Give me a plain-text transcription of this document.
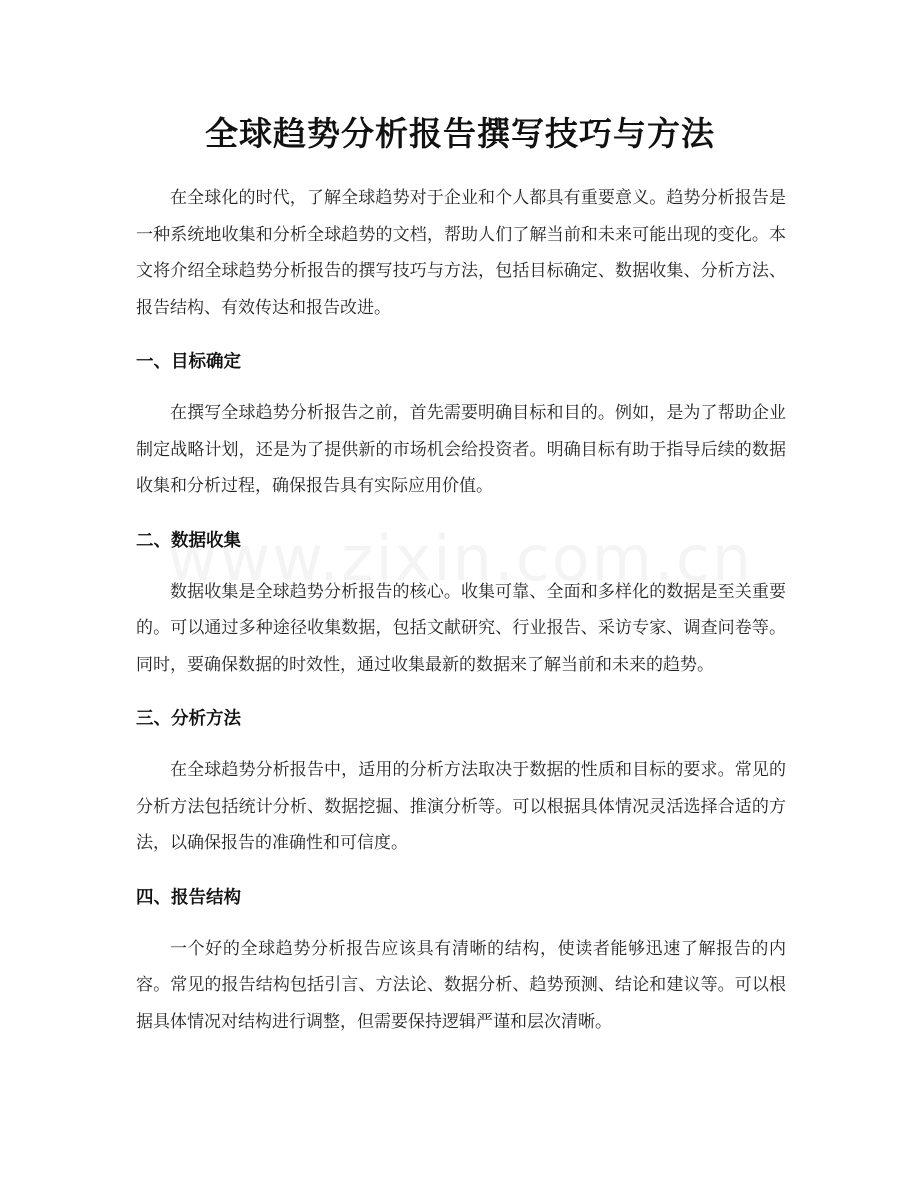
全球趋势分析报告撰写技巧与方法

在全球化的时代，了解全球趋势对于企业和个人都具有重要意义。趋势分析报告是一种系统地收集和分析全球趋势的文档，帮助人们了解当前和未来可能出现的变化。本文将介绍全球趋势分析报告的撰写技巧与方法，包括目标确定、数据收集、分析方法、报告结构、有效传达和报告改进。

一、目标确定

在撰写全球趋势分析报告之前，首先需要明确目标和目的。例如，是为了帮助企业制定战略计划，还是为了提供新的市场机会给投资者。明确目标有助于指导后续的数据收集和分析过程，确保报告具有实际应用价值。

二、数据收集

数据收集是全球趋势分析报告的核心。收集可靠、全面和多样化的数据是至关重要的。可以通过多种途径收集数据，包括文献研究、行业报告、采访专家、调查问卷等。同时，要确保数据的时效性，通过收集最新的数据来了解当前和未来的趋势。

三、分析方法

在全球趋势分析报告中，适用的分析方法取决于数据的性质和目标的要求。常见的分析方法包括统计分析、数据挖掘、推演分析等。可以根据具体情况灵活选择合适的方法，以确保报告的准确性和可信度。

四、报告结构

一个好的全球趋势分析报告应该具有清晰的结构，使读者能够迅速了解报告的内容。常见的报告结构包括引言、方法论、数据分析、趋势预测、结论和建议等。可以根据具体情况对结构进行调整，但需要保持逻辑严谨和层次清晰。
